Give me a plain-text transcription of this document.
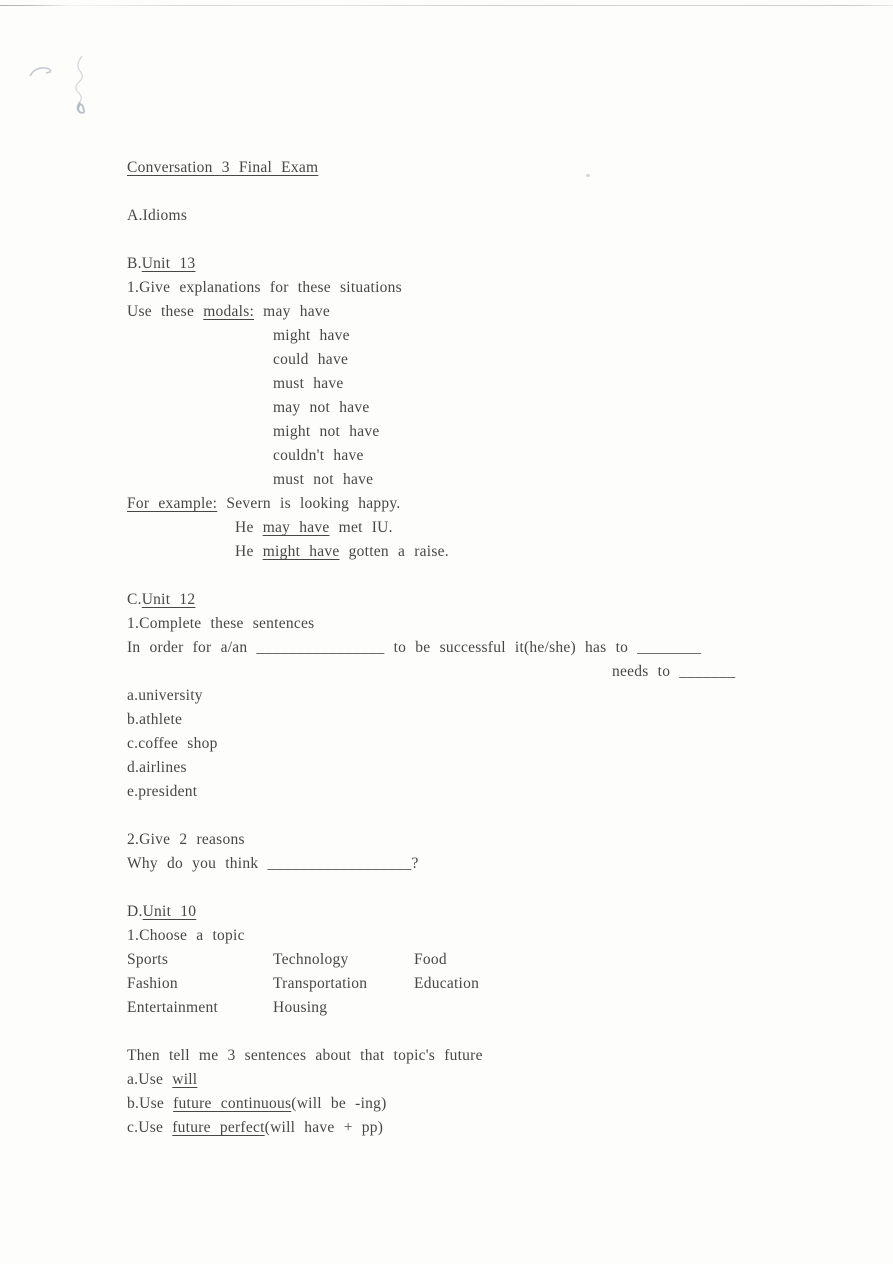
Conversation 3 Final Exam
A.Idioms
B.Unit 13
1.Give explanations for these situations
Use these modals: may have
might have
could have
must have
may not have
might not have
couldn't have
must not have
For example: Severn is looking happy.
He may have met IU.
He might have gotten a raise.
C.Unit 12
1.Complete these sentences
In order for a/an ________________ to be successful it(he/she) has to ________
needs to _______
a.university
b.athlete
c.coffee shop
d.airlines
e.president
2.Give 2 reasons
Why do you think __________________?
D.Unit 10
1.Choose a topic
Sports	Technology	Food
Fashion	Transportation	Education
Entertainment	Housing
Then tell me 3 sentences about that topic's future
a.Use will
b.Use future continuous(will be -ing)
c.Use future perfect(will have + pp)
